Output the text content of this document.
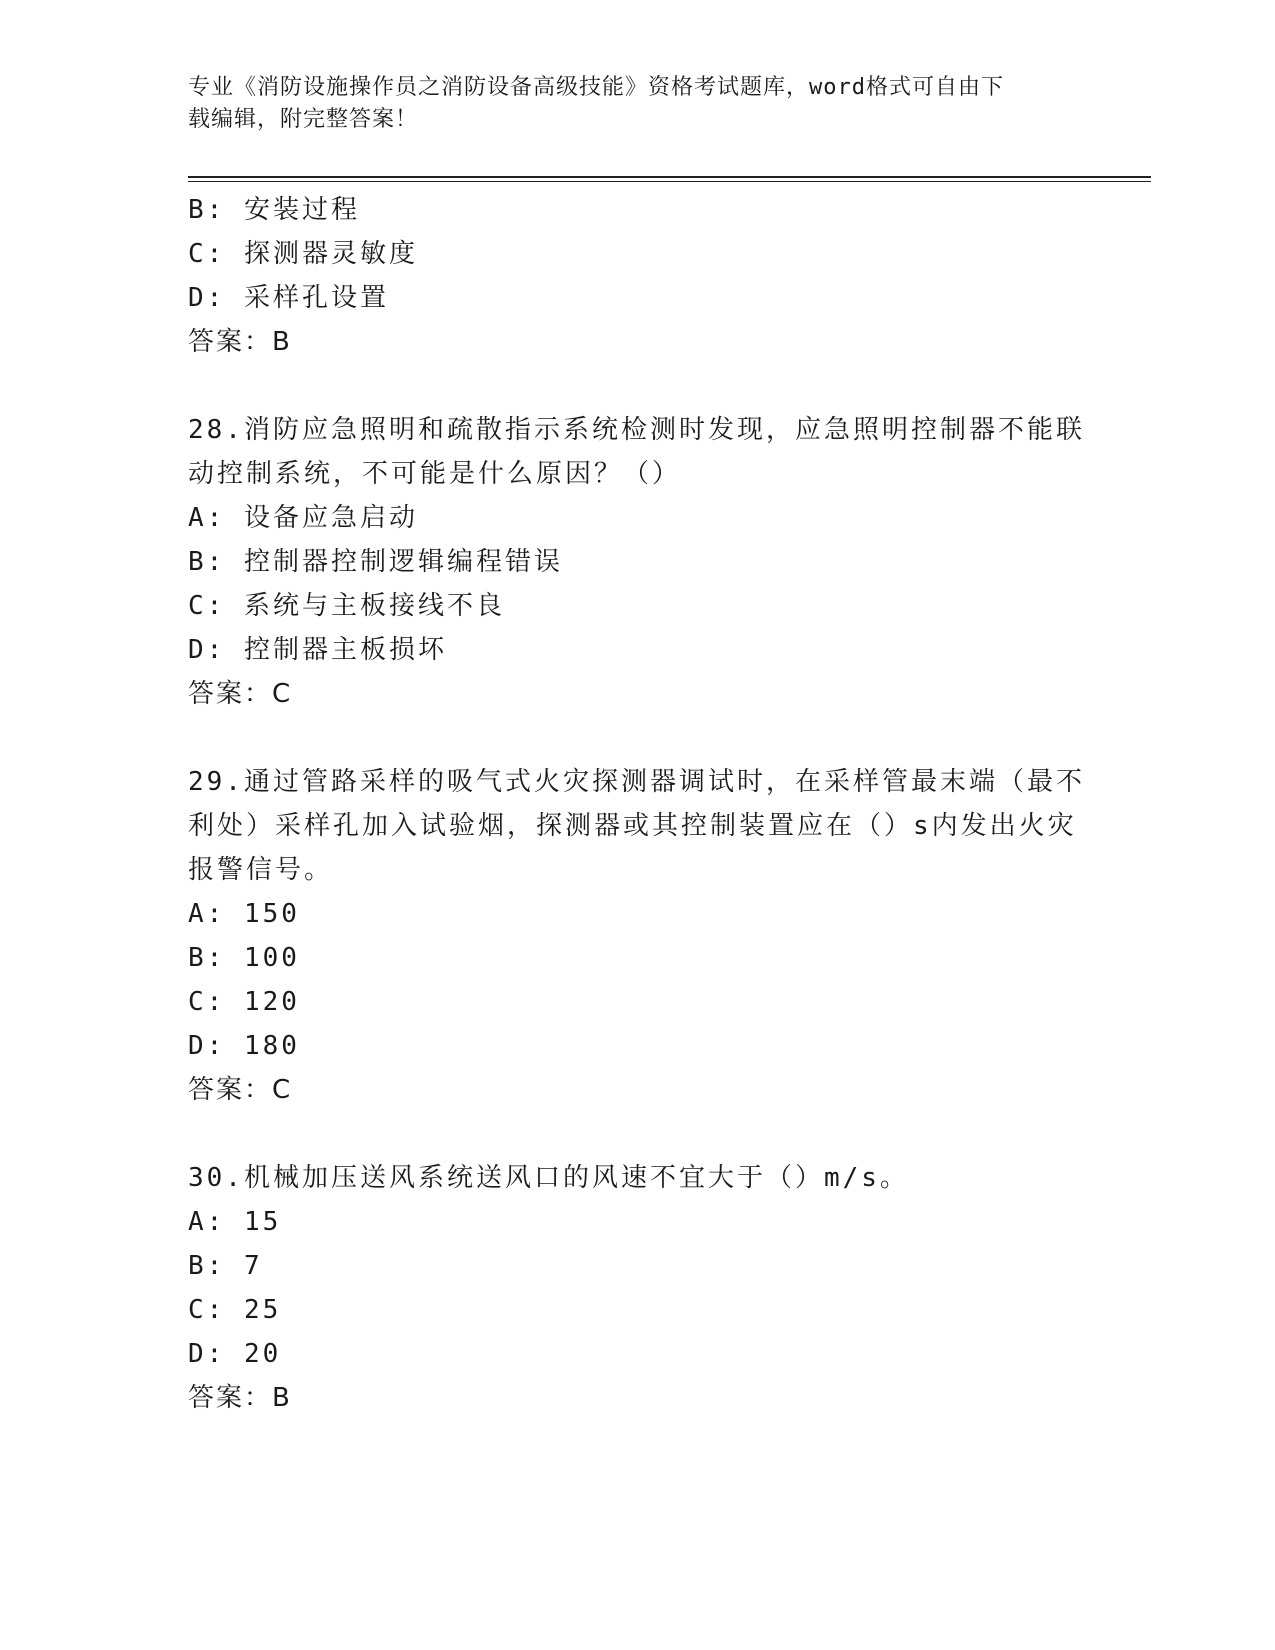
专业《消防设施操作员之消防设备高级技能》资格考试题库，word格式可自由下
载编辑，附完整答案！
B: 安装过程
C: 探测器灵敏度
D: 采样孔设置
答案：B
28.消防应急照明和疏散指示系统检测时发现，应急照明控制器不能联
动控制系统，不可能是什么原因？（）
A: 设备应急启动
B: 控制器控制逻辑编程错误
C: 系统与主板接线不良
D: 控制器主板损坏
答案：C
29.通过管路采样的吸气式火灾探测器调试时，在采样管最末端（最不
利处）采样孔加入试验烟，探测器或其控制装置应在（）s内发出火灾
报警信号。
A: 150
B: 100
C: 120
D: 180
答案：C
30.机械加压送风系统送风口的风速不宜大于（）m/s。
A: 15
B: 7
C: 25
D: 20
答案：B
